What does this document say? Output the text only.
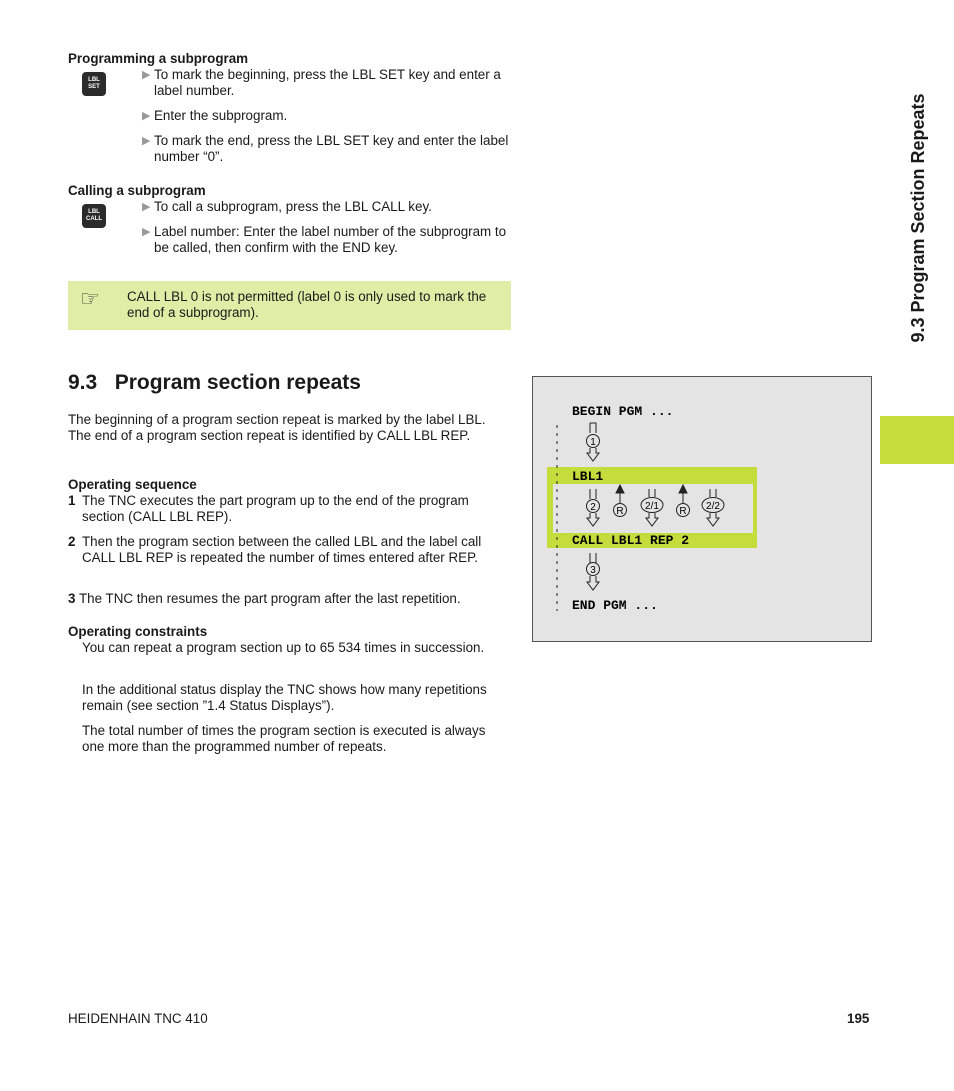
9.3 Program Section Repeats
Programming a subprogram
LBL
SET
▶ To mark the beginning, press the LBL SET key and enter a label number.
▶ Enter the subprogram.
▶ To mark the end, press the LBL SET key and enter the label number “0”.
Calling a subprogram
LBL
CALL
▶ To call a subprogram, press the LBL CALL key.
▶ Label number: Enter the label number of the subprogram to be called, then confirm with the END key.
☞ CALL LBL 0 is not permitted (label 0 is only used to mark the end of a subprogram).
9.3   Program section repeats
The beginning of a program section repeat is marked by the label LBL. The end of a program section repeat is identified by CALL LBL REP.
Operating sequence
1 The TNC executes the part program up to the end of the program section (CALL LBL REP).
2 Then the program section between the called LBL and the label call CALL LBL REP is repeated the number of times entered after REP.
3 The TNC then resumes the part program after the last repetition.
Operating constraints
You can repeat a program section up to 65 534 times in succession.
In the additional status display the TNC shows how many repetitions remain (see section ”1.4 Status Displays”).
The total number of times the program section is executed is always one more than the programmed number of repeats.
BEGIN PGM ...
LBL1
CALL LBL1 REP 2
END PGM ...
1
2 R 2/1 R 2/2
3
HEIDENHAIN TNC 410	195
